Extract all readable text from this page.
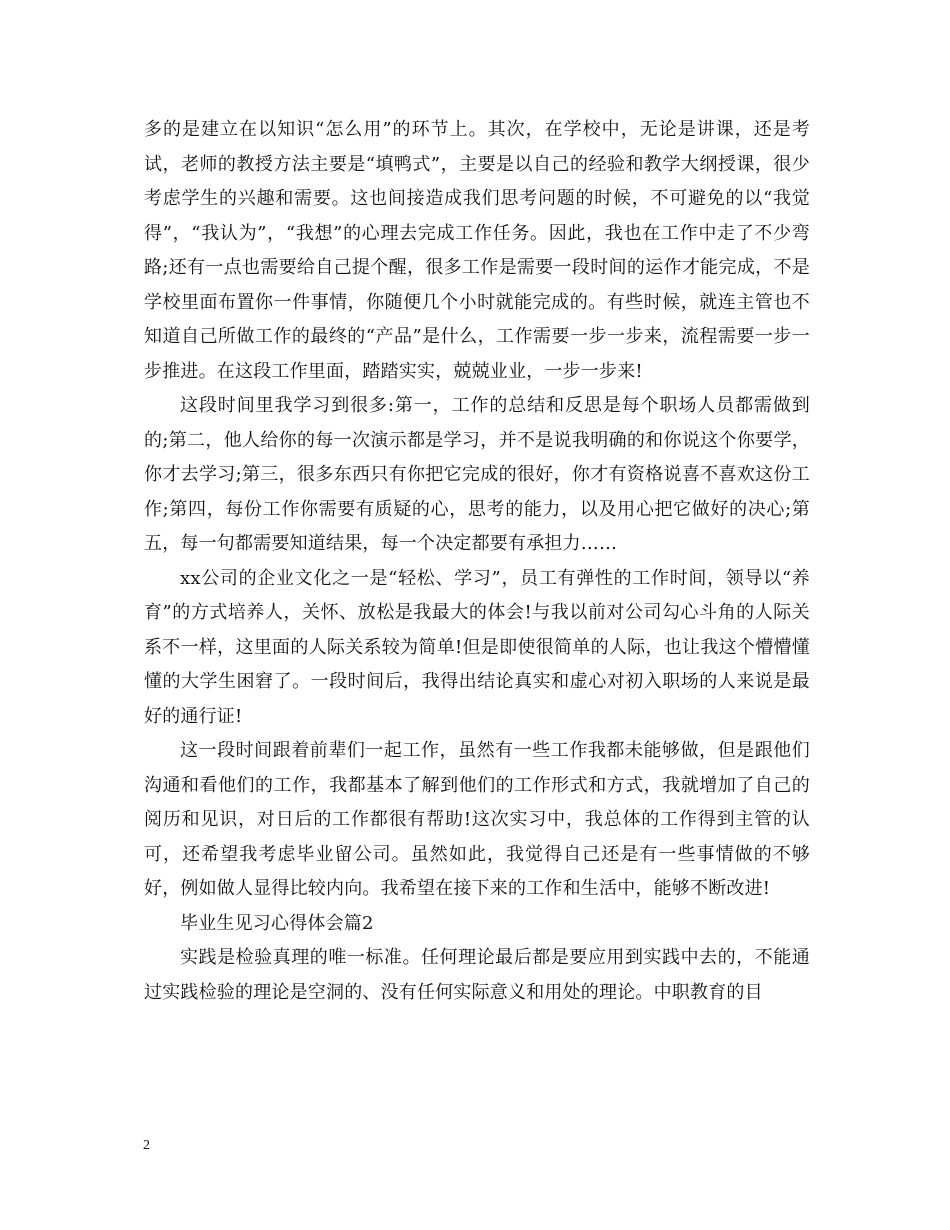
多的是建立在以知识“怎么用”的环节上。其次，在学校中，无论是讲课，还是考试，老师的教授方法主要是“填鸭式”，主要是以自己的经验和教学大纲授课，很少考虑学生的兴趣和需要。这也间接造成我们思考问题的时候，不可避免的以“我觉得”，“我认为”，“我想”的心理去完成工作任务。因此，我也在工作中走了不少弯路;还有一点也需要给自己提个醒，很多工作是需要一段时间的运作才能完成，不是学校里面布置你一件事情，你随便几个小时就能完成的。有些时候，就连主管也不知道自己所做工作的最终的“产品”是什么，工作需要一步一步来，流程需要一步一步推进。在这段工作里面，踏踏实实，兢兢业业，一步一步来!

这段时间里我学习到很多:第一，工作的总结和反思是每个职场人员都需做到的;第二，他人给你的每一次演示都是学习，并不是说我明确的和你说这个你要学，你才去学习;第三，很多东西只有你把它完成的很好，你才有资格说喜不喜欢这份工作;第四，每份工作你需要有质疑的心，思考的能力，以及用心把它做好的决心;第五，每一句都需要知道结果，每一个决定都要有承担力……

xx公司的企业文化之一是“轻松、学习”，员工有弹性的工作时间，领导以“养育”的方式培养人，关怀、放松是我最大的体会!与我以前对公司勾心斗角的人际关系不一样，这里面的人际关系较为简单!但是即使很简单的人际，也让我这个懵懵懂懂的大学生困窘了。一段时间后，我得出结论真实和虚心对初入职场的人来说是最好的通行证!

这一段时间跟着前辈们一起工作，虽然有一些工作我都未能够做，但是跟他们沟通和看他们的工作，我都基本了解到他们的工作形式和方式，我就增加了自己的阅历和见识，对日后的工作都很有帮助!这次实习中，我总体的工作得到主管的认可，还希望我考虑毕业留公司。虽然如此，我觉得自己还是有一些事情做的不够好，例如做人显得比较内向。我希望在接下来的工作和生活中，能够不断改进!

毕业生见习心得体会篇2

实践是检验真理的唯一标准。任何理论最后都是要应用到实践中去的，不能通过实践检验的理论是空洞的、没有任何实际意义和用处的理论。中职教育的目

2
